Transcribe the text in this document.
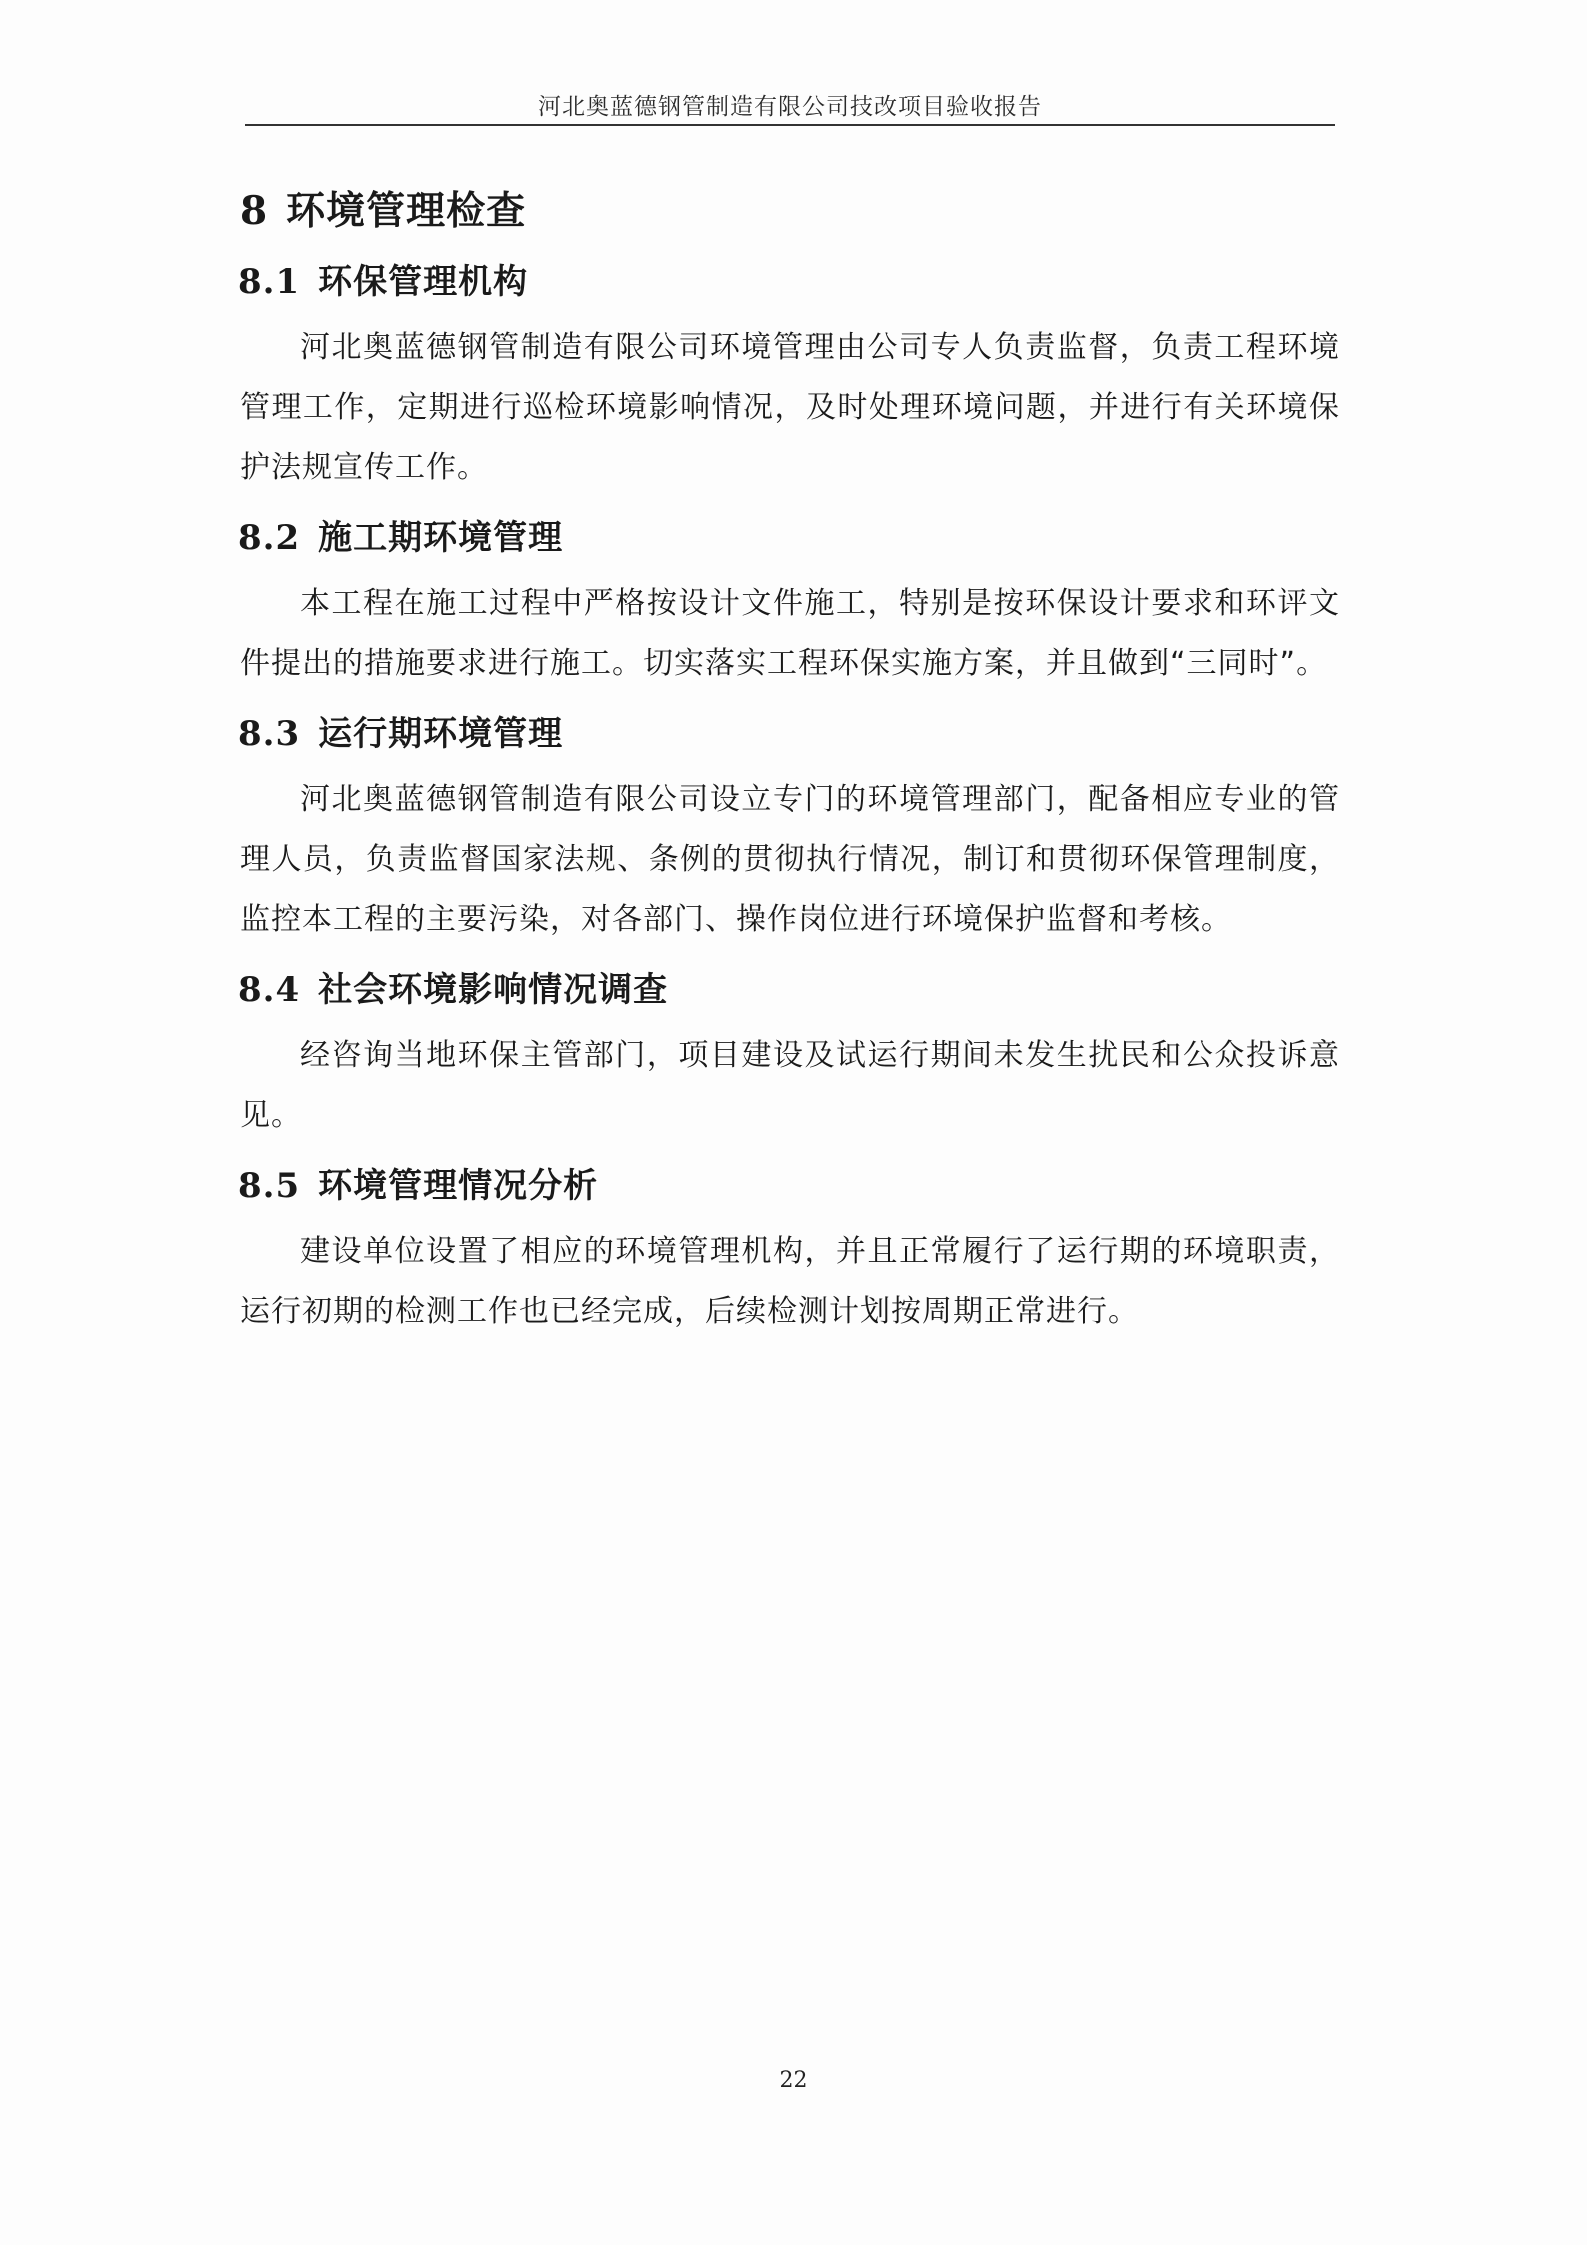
河北奥蓝德钢管制造有限公司技改项目验收报告
8 环境管理检查
8.1 环保管理机构

河北奥蓝德钢管制造有限公司环境管理由公司专人负责监督，负责工程环境管理工作，定期进行巡检环境影响情况，及时处理环境问题，并进行有关环境保护法规宣传工作。

8.2 施工期环境管理

本工程在施工过程中严格按设计文件施工，特别是按环保设计要求和环评文件提出的措施要求进行施工。切实落实工程环保实施方案，并且做到“三同时”。

8.3 运行期环境管理

河北奥蓝德钢管制造有限公司设立专门的环境管理部门，配备相应专业的管理人员，负责监督国家法规、条例的贯彻执行情况，制订和贯彻环保管理制度，监控本工程的主要污染，对各部门、操作岗位进行环境保护监督和考核。

8.4 社会环境影响情况调查

经咨询当地环保主管部门，项目建设及试运行期间未发生扰民和公众投诉意见。

8.5 环境管理情况分析

建设单位设置了相应的环境管理机构，并且正常履行了运行期的环境职责，运行初期的检测工作也已经完成，后续检测计划按周期正常进行。

22
